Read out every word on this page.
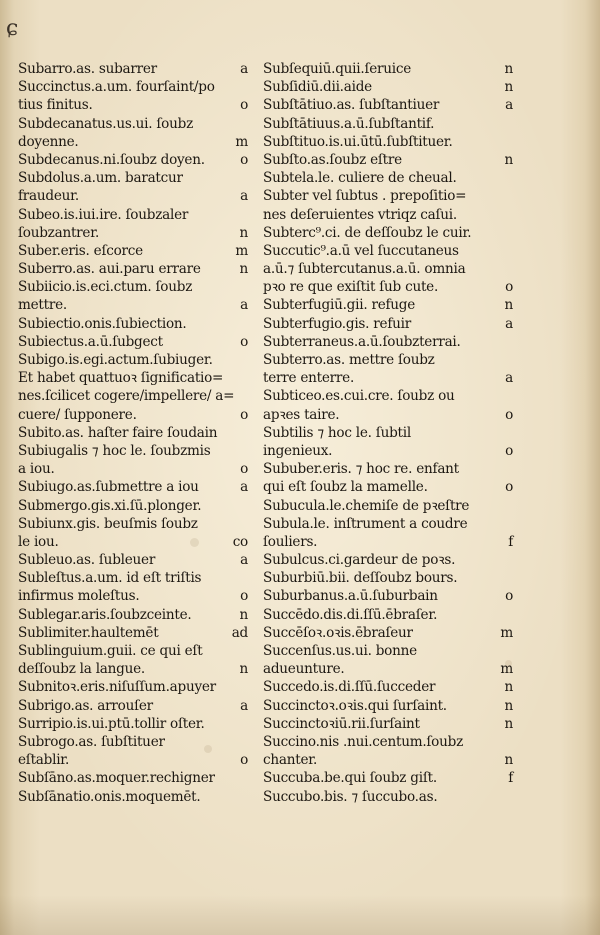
ɕ
Subarro.as. subarrer	a
Succinctus.a.um. fourſaint/po
tius finitus.	o
Subdecanatus.us.ui. ſoubz
doyenne.	m
Subdecanus.ni.ſoubz doyen.	o
Subdolus.a.um. baratcur
fraudeur.	a
Subeo.is.iui.ire. ſoubzaler
ſoubzantrer.	n
Suber.eris. eſcorce	m
Suberro.as. aui.paru errare	n
Subiicio.is.eci.ctum. ſoubz
mettre.	a
Subiectio.onis.ſubiection.
Subiectus.a.ū.ſubgect	o
Subigo.is.egi.actum.ſubiuger.
Et habet quattuoꝛ ſignificatio=
nes.ſcilicet cogere/impellere/ a=
cuere/ ſupponere.	o
Subito.as. haſter faire ſoudain
Subiugalis ⁊ hoc le. ſoubzmis
a iou.	o
Subiugo.as.ſubmettre a iou	a
Submergo.gis.xi.ſū.plonger.
Subiunx.gis. beuſmis ſoubz
le iou.	co
Subleuo.as. ſubleuer	a
Subleſtus.a.um. id eſt triſtis
infirmus moleſtus.	o
Sublegar.aris.ſoubzceinte.	n
Sublimiter.haultemēt	ad
Sublinguium.guii. ce qui eſt
deſſoubz la langue.	n
Subnitoꝛ.eris.niſuſſum.apuyer
Subrigo.as. arrouſer	a
Surripio.is.ui.ptū.tollir oſter.
Subrogo.as. ſubſtituer
eſtablir.	o
Subſāno.as.moquer.rechigner
Subſānatio.onis.moquemēt.
Subſequiū.quii.ſeruice	n
Subſidiū.dii.aide	n
Subſtātiuo.as. ſubſtantiuer	a
Subſtātiuus.a.ū.ſubſtantif.
Subſtituo.is.ui.ūtū.ſubſtituer.
Subſto.as.ſoubz eſtre	n
Subtela.le. culiere de cheual.
Subter vel ſubtus . prepoſitio=
nes deſeruientes vtriqz caſui.
Subterc⁹.ci. de deſſoubz le cuir.
Succutic⁹.a.ū vel ſuccutaneus
a.ū.⁊ ſubtercutanus.a.ū. omnia
pꝛo re que exiſtit ſub cute.	o
Subterfugiū.gii. refuge	n
Subterfugio.gis. refuir	a
Subterraneus.a.ū.ſoubzterrai.
Subterro.as. mettre ſoubz
terre enterre.	a
Subticeo.es.cui.cre. ſoubz ou
apꝛes taire.	o
Subtilis ⁊ hoc le. ſubtil
ingenieux.	o
Sububer.eris. ⁊ hoc re. enfant
qui eſt ſoubz la mamelle.	o
Subucula.le.chemiſe de pꝛeſtre
Subula.le. inſtrument a coudre
ſouliers.	f
Subulcus.ci.gardeur de poꝛs.
Suburbiū.bii. deſſoubz bours.
Suburbanus.a.ū.ſuburbain	o
Succēdo.dis.di.ſſū.ēbraſer.
Succēſoꝛ.oꝛis.ēbraſeur	m
Succenſus.us.ui. bonne
adueunture.	m
Succedo.is.di.ſſū.ſucceder	n
Succinctoꝛ.oꝛis.qui ſurſaint.	n
Succinctoꝛiū.rii.ſurſaint	n
Succino.nis .nui.centum.ſoubz
chanter.	n
Succuba.be.qui ſoubz giſt.	f
Succubo.bis. ⁊ ſuccubo.as.
